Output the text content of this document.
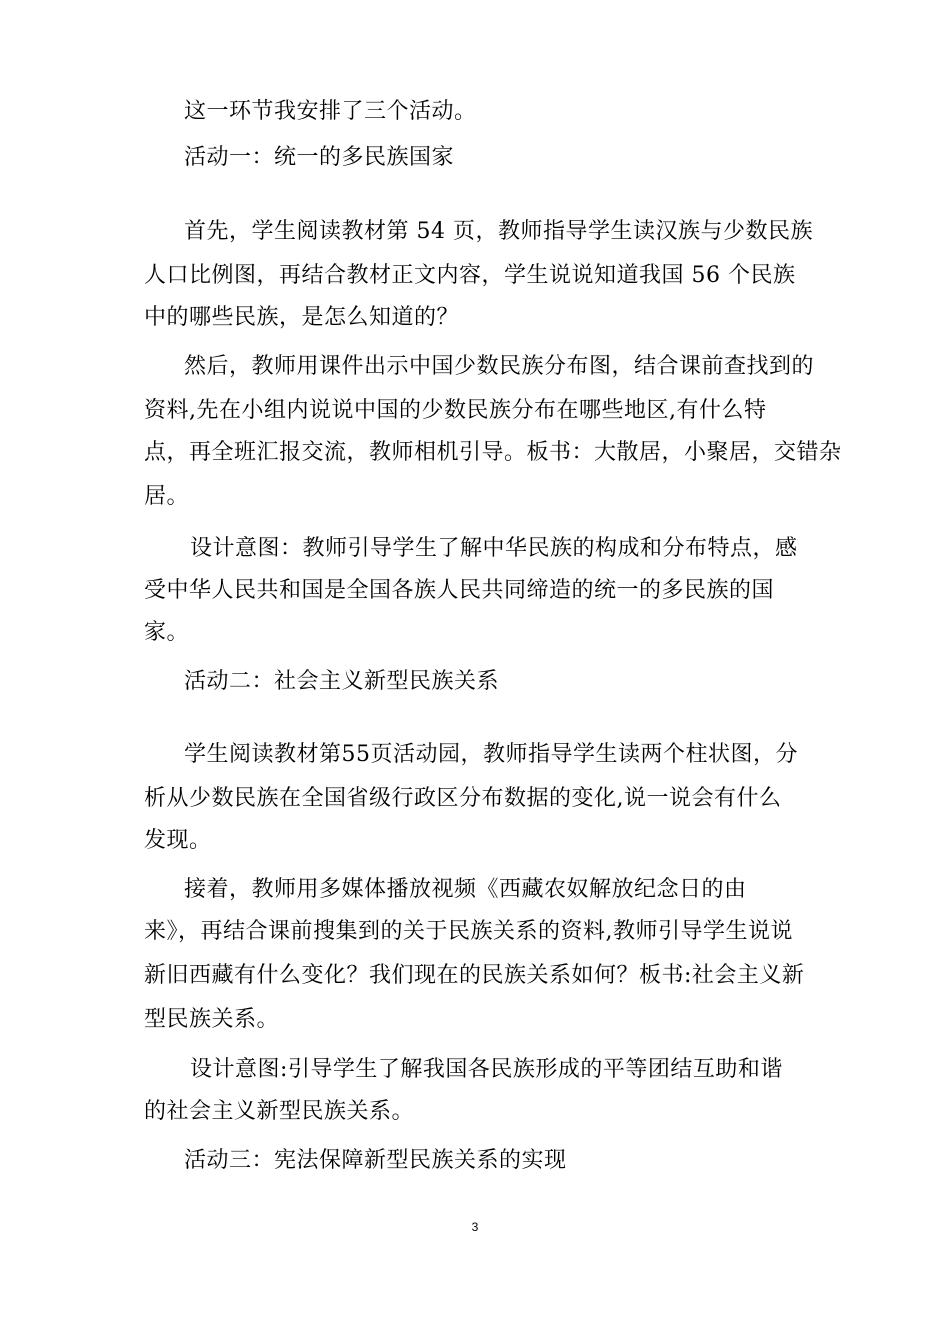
这一环节我安排了三个活动。
活动一：统一的多民族国家
首先，学生阅读教材第 54 页，教师指导学生读汉族与少数民族
人口比例图，再结合教材正文内容，学生说说知道我国 56 个民族
中的哪些民族，是怎么知道的？
然后，教师用课件出示中国少数民族分布图，结合课前查找到的
资料,先在小组内说说中国的少数民族分布在哪些地区,有什么特
点，再全班汇报交流，教师相机引导。板书：大散居，小聚居，交错杂
居。
设计意图：教师引导学生了解中华民族的构成和分布特点，感
受中华人民共和国是全国各族人民共同缔造的统一的多民族的国
家。
活动二：社会主义新型民族关系
学生阅读教材第55页活动园，教师指导学生读两个柱状图，分
析从少数民族在全国省级行政区分布数据的变化,说一说会有什么
发现。
接着，教师用多媒体播放视频《西藏农奴解放纪念日的由
来》，再结合课前搜集到的关于民族关系的资料,教师引导学生说说
新旧西藏有什么变化？我们现在的民族关系如何？板书:社会主义新
型民族关系。
设计意图:引导学生了解我国各民族形成的平等团结互助和谐
的社会主义新型民族关系。
活动三：宪法保障新型民族关系的实现
3
